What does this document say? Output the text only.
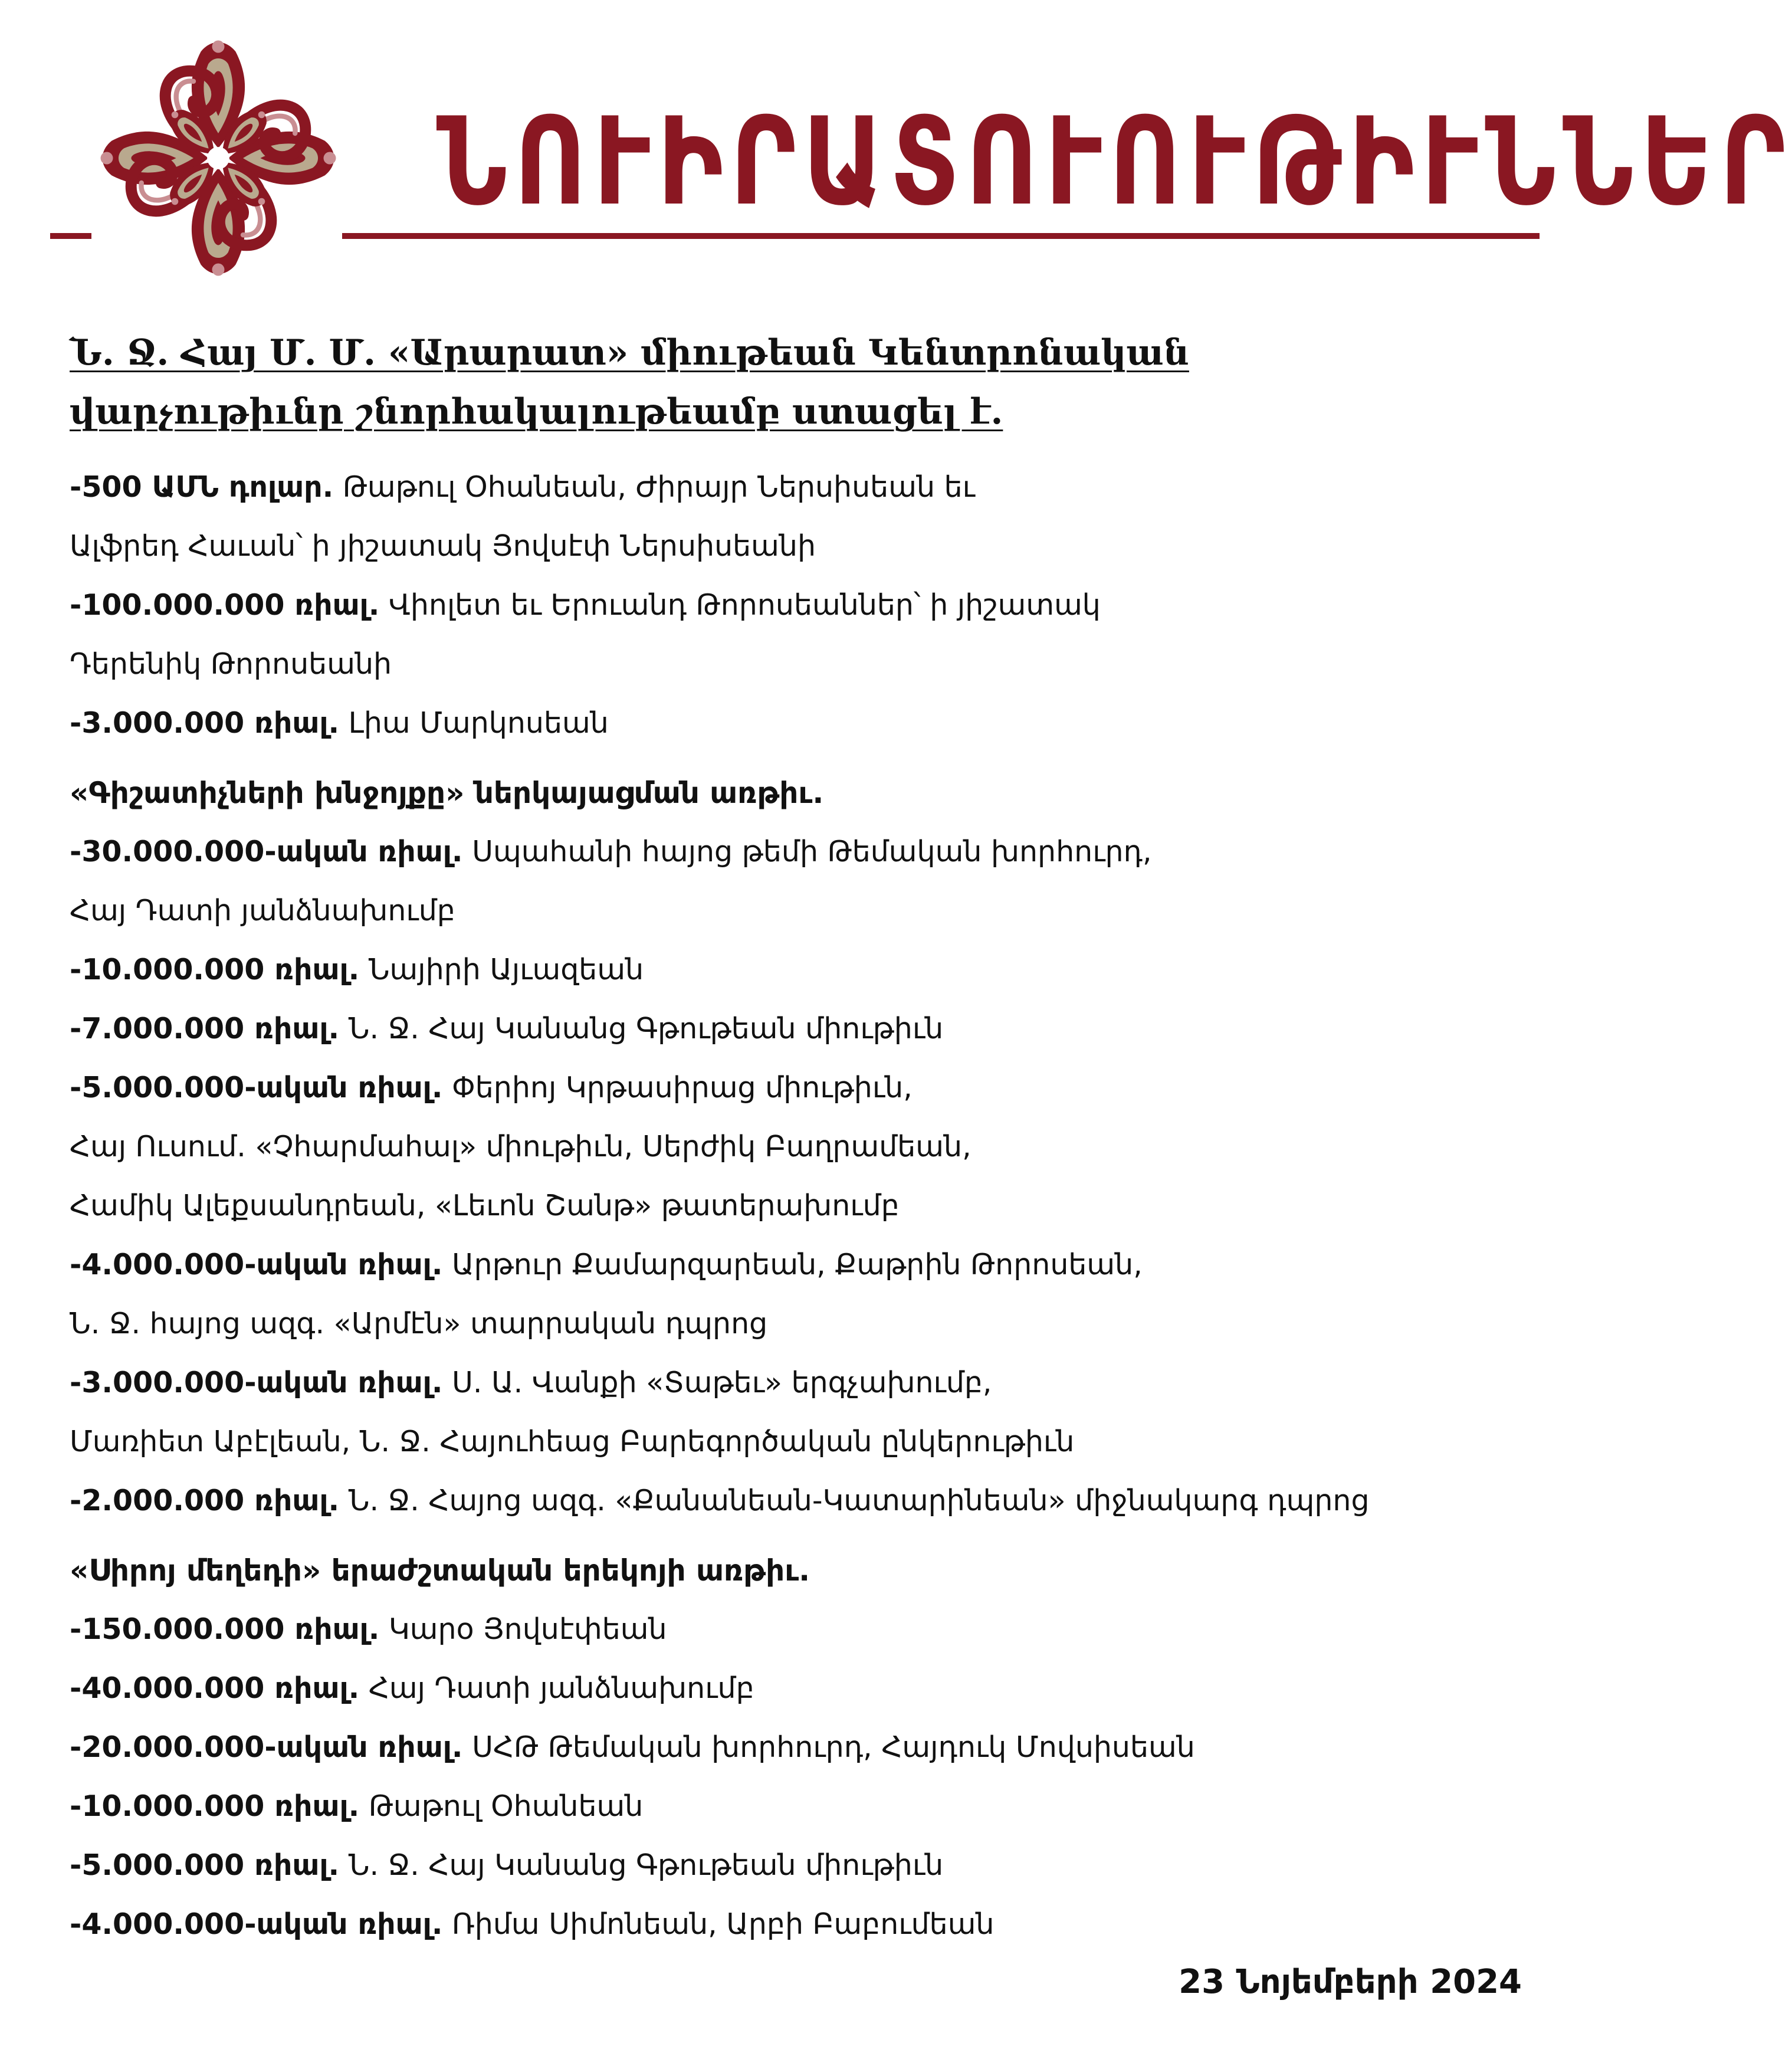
ՆՈՒԻՐԱՏՈՒՈՒԹԻՒՆՆԵՐ
Ն. Ջ. Հայ Մ. Մ. «Արարատ» միութեան Կենտրոնական վարչութիւնը շնորհակալութեամբ ստացել է.
-500 ԱՄՆ դոլար. Թաթուլ Օհանեան, Ժիրայր Ներսիսեան եւ
Ալֆրեդ Հաւան՝ ի յիշատակ Յովսէփ Ներսիսեանի
-100.000.000 ռիալ. Վիոլետ եւ Երուանդ Թորոսեաններ՝ ի յիշատակ
Դերենիկ Թորոսեանի
-3.000.000 ռիալ. Լիա Մարկոսեան
«Գիշատիչների խնջոյքը» ներկայացման առթիւ.
-30.000.000-ական ռիալ. Սպահանի հայոց թեմի Թեմական խորհուրդ,
Հայ Դատի յանձնախումբ
-10.000.000 ռիալ. Նայիրի Այւազեան
-7.000.000 ռիալ. Ն. Ջ. Հայ Կանանց Գթութեան միութիւն
-5.000.000-ական ռիալ. Փերիոյ Կրթասիրաց միութիւն,
Հայ Ուսում. «Չհարմահալ» միութիւն, Սերժիկ Բաղրամեան,
Համիկ Ալեքսանդրեան, «Լեւոն Շանթ» թատերախումբ
-4.000.000-ական ռիալ. Արթուր Քամարզարեան, Քաթրին Թորոսեան,
Ն. Ջ. հայոց ազգ. «Արմէն» տարրական դպրոց
-3.000.000-ական ռիալ. Ս. Ա. Վանքի «Տաթեւ» երգչախումբ,
Մառիետ Աբէլեան, Ն. Ջ. Հայուհեաց Բարեգործական ընկերութիւն
-2.000.000 ռիալ. Ն. Ջ. Հայոց ազգ. «Քանանեան-Կատարինեան» միջնակարգ դպրոց
«Սիրոյ մեղեդի» երաժշտական երեկոյի առթիւ.
-150.000.000 ռիալ. Կարօ Յովսէփեան
-40.000.000 ռիալ. Հայ Դատի յանձնախումբ
-20.000.000-ական ռիալ. ՍՀԹ Թեմական խորհուրդ, Հայդուկ Մովսիսեան
-10.000.000 ռիալ. Թաթուլ Օհանեան
-5.000.000 ռիալ. Ն. Ջ. Հայ Կանանց Գթութեան միութիւն
-4.000.000-ական ռիալ. Ռիմա Սիմոնեան, Արբի Բաբումեան
23 Նոյեմբերի 2024
